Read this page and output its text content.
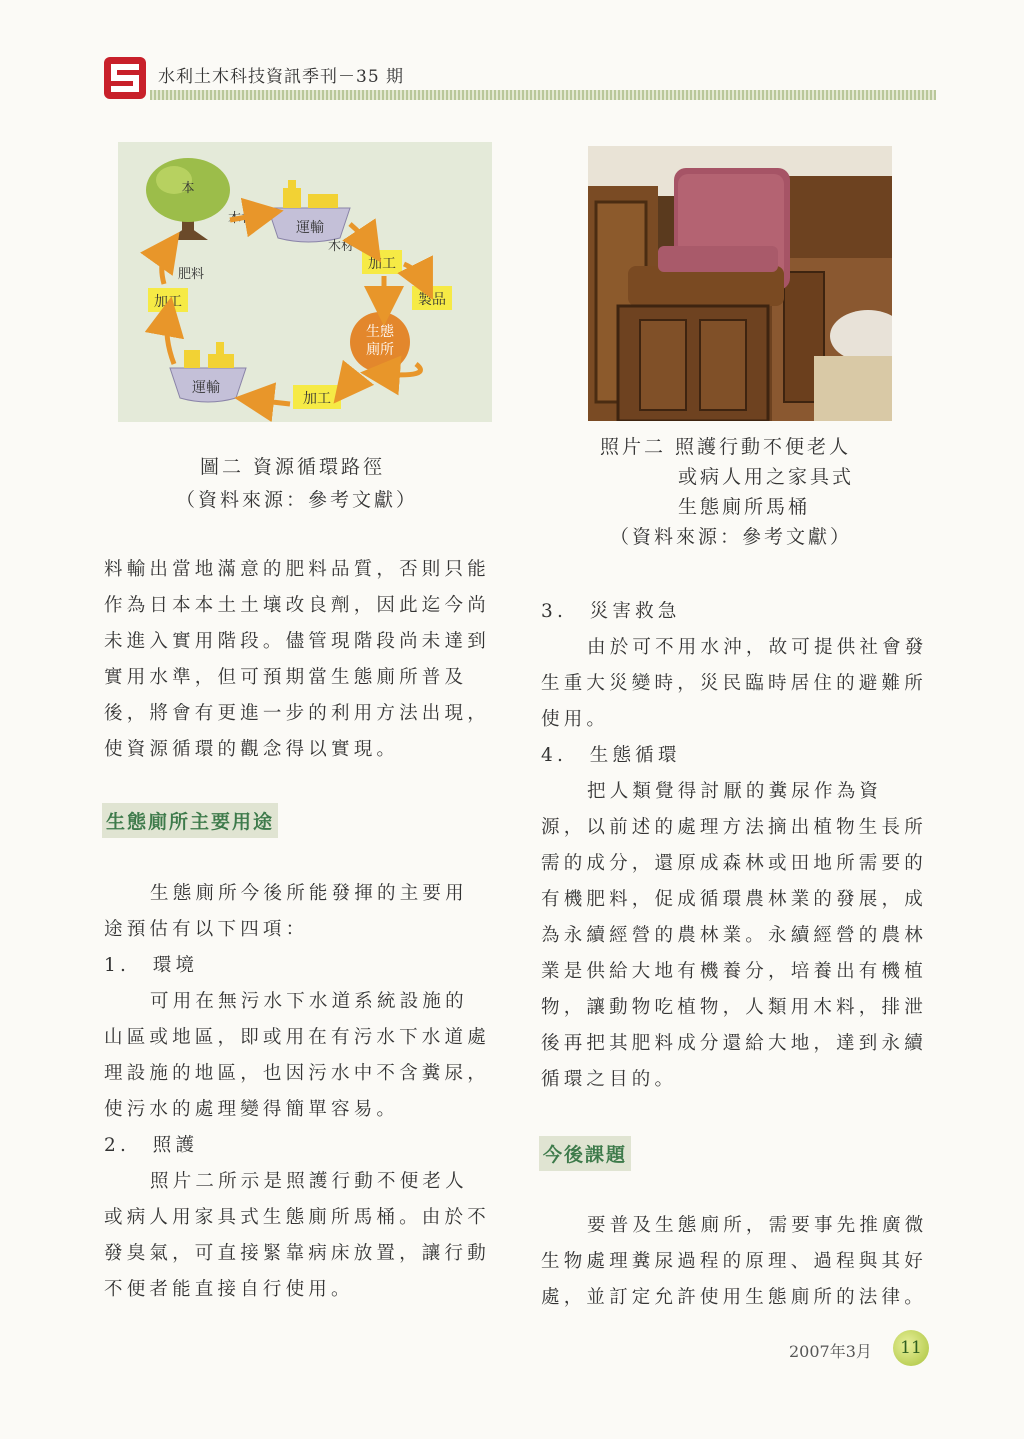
水利土木科技資訊季刊－35 期
本
運輸
木材
木材
加工
製品
生態
廁所
加工
運輸
加工
肥料
圖二 資源循環路徑
（資料來源：參考文獻）
照片二 照護行動不便老人
或病人用之家具式
生態廁所馬桶
（資料來源：參考文獻）
料輸出當地滿意的肥料品質，否則只能
作為日本本土土壤改良劑，因此迄今尚
未進入實用階段。儘管現階段尚未達到
實用水準，但可預期當生態廁所普及
後，將會有更進一步的利用方法出現，
使資源循環的觀念得以實現。
生態廁所主要用途
生態廁所今後所能發揮的主要用
途預估有以下四項：
1.　環境
可用在無污水下水道系統設施的
山區或地區，即或用在有污水下水道處
理設施的地區，也因污水中不含糞尿，
使污水的處理變得簡單容易。
2.　照護
照片二所示是照護行動不便老人
或病人用家具式生態廁所馬桶。由於不
發臭氣，可直接緊靠病床放置，讓行動
不便者能直接自行使用。
3.　災害救急
由於可不用水沖，故可提供社會發
生重大災變時，災民臨時居住的避難所
使用。
4.　生態循環
把人類覺得討厭的糞尿作為資
源，以前述的處理方法摘出植物生長所
需的成分，還原成森林或田地所需要的
有機肥料，促成循環農林業的發展，成
為永續經營的農林業。永續經營的農林
業是供給大地有機養分，培養出有機植
物，讓動物吃植物，人類用木料，排泄
後再把其肥料成分還給大地，達到永續
循環之目的。
今後課題
要普及生態廁所，需要事先推廣微
生物處理糞尿過程的原理、過程與其好
處，並訂定允許使用生態廁所的法律。
2007年3月	11
